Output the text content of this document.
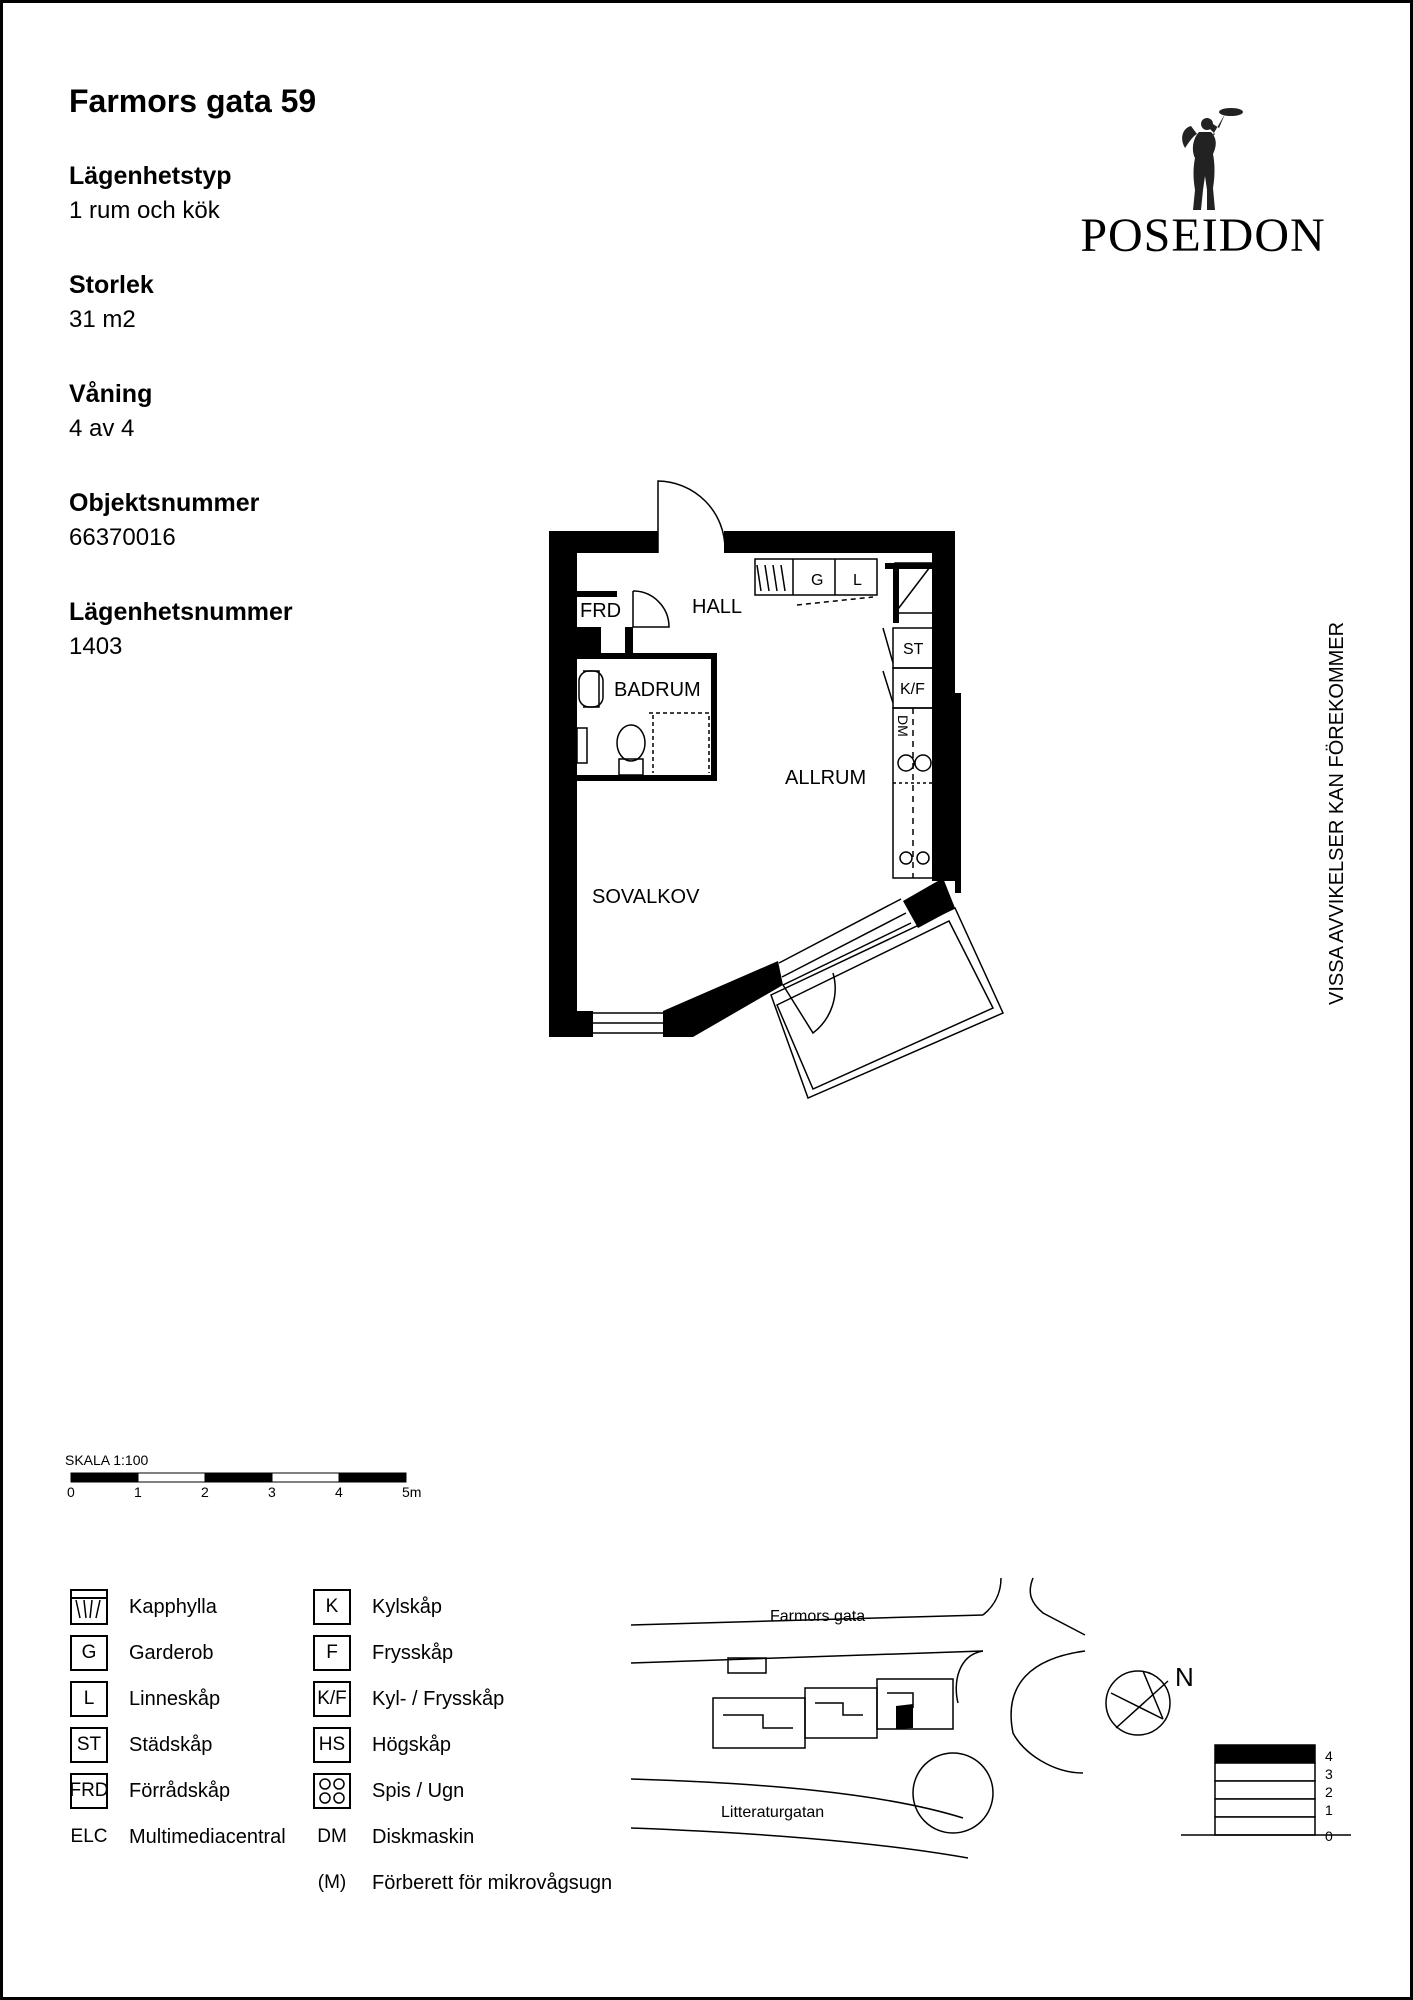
Farmors gata 59
Lägenhetstyp
1 rum och kök
Storlek
31 m2
Våning
4 av 4
Objektsnummer
66370016
Lägenhetsnummer
1403
POSEIDON
VISSA AVVIKELSER KAN FÖREKOMMER
FRD	HALL
BADRUM
ALLRUM
SOVALKOV
G L
ST
K/F
DM
SKALA 1:100
0	1	2	3	4	5m
Kapphylla
G	Garderob
L	Linneskåp
ST	Städskåp
FRD Förrådskåp
ELC Multimediacentral
K	Kylskåp
F	Frysskåp
K/F Kyl- / Frysskåp
HS Högskåp
Spis / Ugn
DM Diskmaskin
(M) Förberett för mikrovågsugn
Farmors gata
Litteraturgatan
N
4
3
2
1
0
